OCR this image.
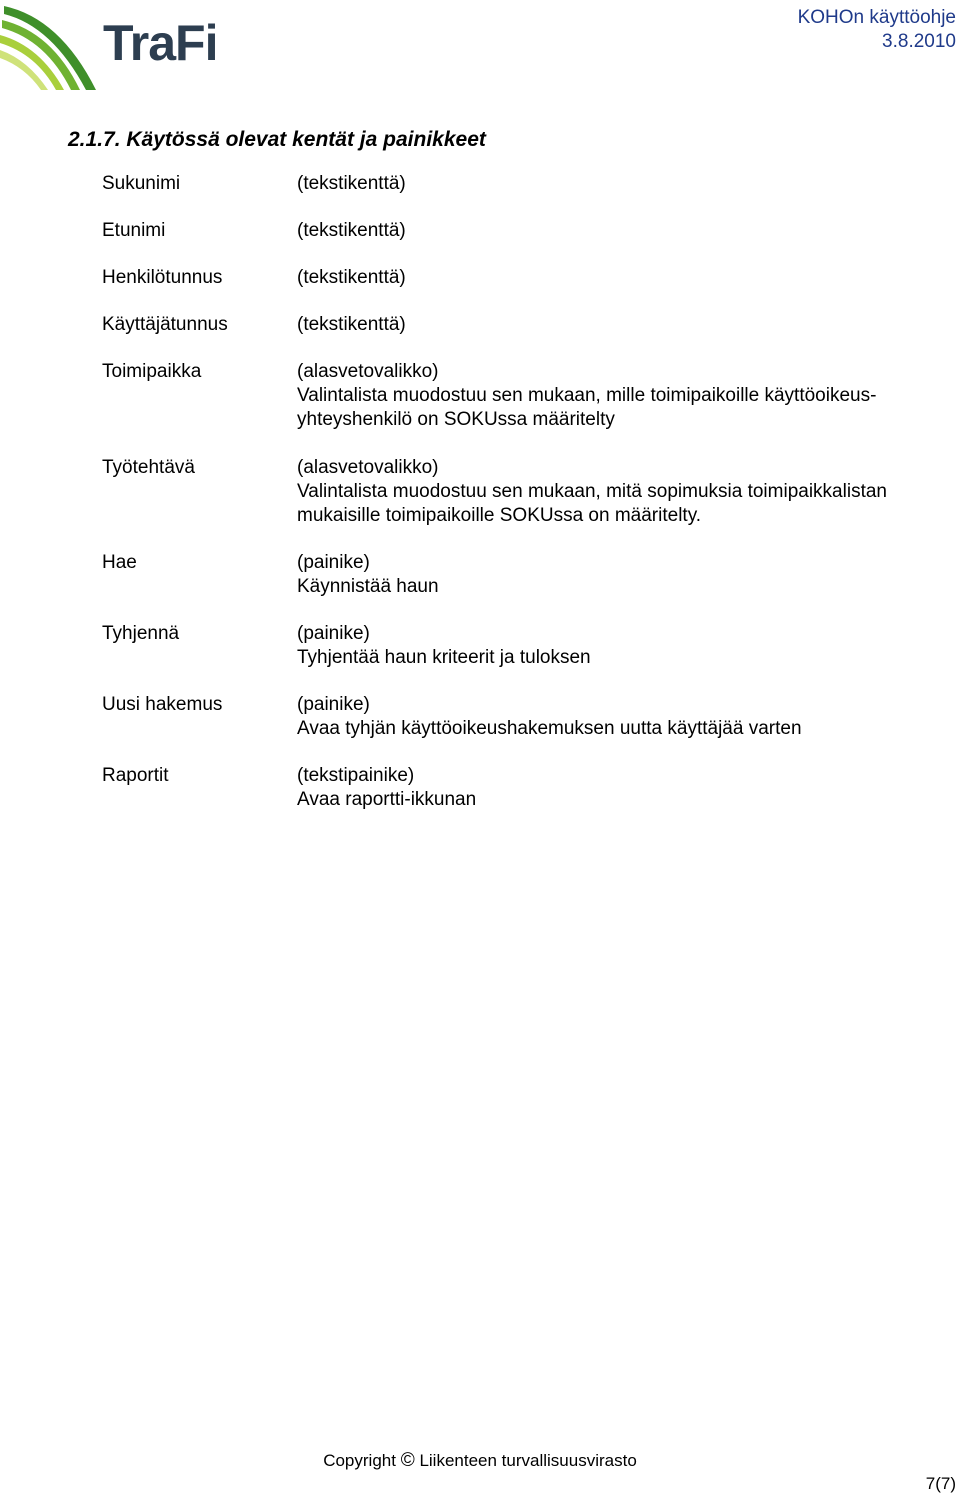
TraFi	KOHOn käyttöohje
3.8.2010
2.1.7. Käytössä olevat kentät ja painikkeet
Sukunimi	(tekstikenttä)
Etunimi	(tekstikenttä)
Henkilötunnus	(tekstikenttä)
Käyttäjätunnus	(tekstikenttä)
Toimipaikka	(alasvetovalikko)
Valintalista muodostuu sen mukaan, mille toimipaikoille käyttöoikeus-
yhteyshenkilö on SOKUssa määritelty
Työtehtävä	(alasvetovalikko)
Valintalista muodostuu sen mukaan, mitä sopimuksia toimipaikkalistan
mukaisille toimipaikoille SOKUssa on määritelty.
Hae	(painike)
Käynnistää haun
Tyhjennä	(painike)
Tyhjentää haun kriteerit ja tuloksen
Uusi hakemus	(painike)
Avaa tyhjän käyttöoikeushakemuksen uutta käyttäjää varten
Raportit	(tekstipainike)
Avaa raportti-ikkunan
Copyright © Liikenteen turvallisuusvirasto
7(7)
